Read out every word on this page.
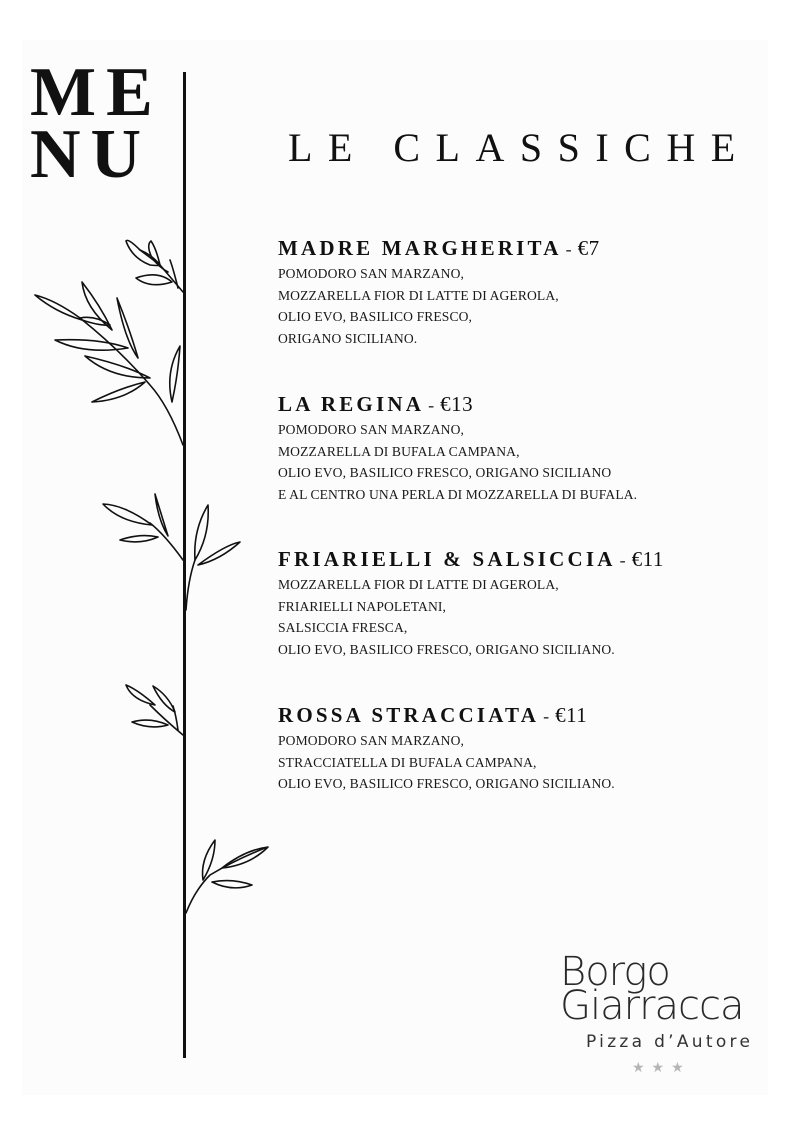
ME
NU	LE CLASSICHE
MADRE MARGHERITA - €7
POMODORO SAN MARZANO,
MOZZARELLA FIOR DI LATTE DI AGEROLA,
OLIO EVO, BASILICO FRESCO,
ORIGANO SICILIANO.
LA REGINA - €13
POMODORO SAN MARZANO,
MOZZARELLA DI BUFALA CAMPANA,
OLIO EVO, BASILICO FRESCO, ORIGANO SICILIANO
E AL CENTRO UNA PERLA DI MOZZARELLA DI BUFALA.
FRIARIELLI & SALSICCIA - €11
MOZZARELLA FIOR DI LATTE DI AGEROLA,
FRIARIELLI NAPOLETANI,
SALSICCIA FRESCA,
OLIO EVO, BASILICO FRESCO, ORIGANO SICILIANO.
ROSSA STRACCIATA - €11
POMODORO SAN MARZANO,
STRACCIATELLA DI BUFALA CAMPANA,
OLIO EVO, BASILICO FRESCO, ORIGANO SICILIANO.
Borgo
Giarracca
Pizza d’Autore
★★★
